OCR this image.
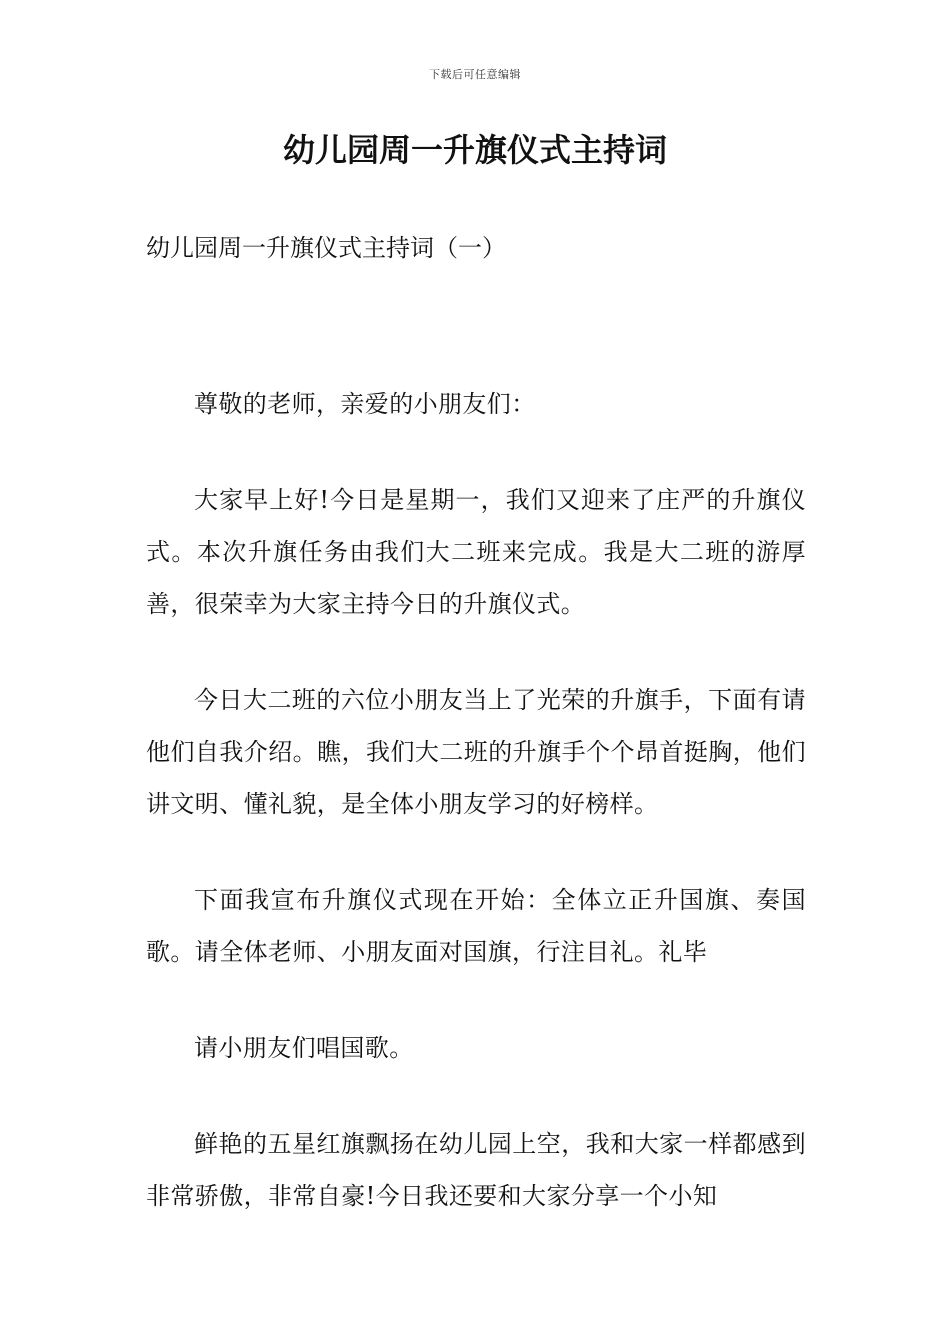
下载后可任意编辑
幼儿园周一升旗仪式主持词

幼儿园周一升旗仪式主持词（一）

尊敬的老师，亲爱的小朋友们：

大家早上好!今日是星期一，我们又迎来了庄严的升旗仪式。本次升旗任务由我们大二班来完成。我是大二班的游厚善，很荣幸为大家主持今日的升旗仪式。

今日大二班的六位小朋友当上了光荣的升旗手，下面有请他们自我介绍。瞧，我们大二班的升旗手个个昂首挺胸，他们讲文明、懂礼貌，是全体小朋友学习的好榜样。

下面我宣布升旗仪式现在开始：全体立正升国旗、奏国歌。请全体老师、小朋友面对国旗，行注目礼。礼毕

请小朋友们唱国歌。

鲜艳的五星红旗飘扬在幼儿园上空，我和大家一样都感到非常骄傲，非常自豪!今日我还要和大家分享一个小知
